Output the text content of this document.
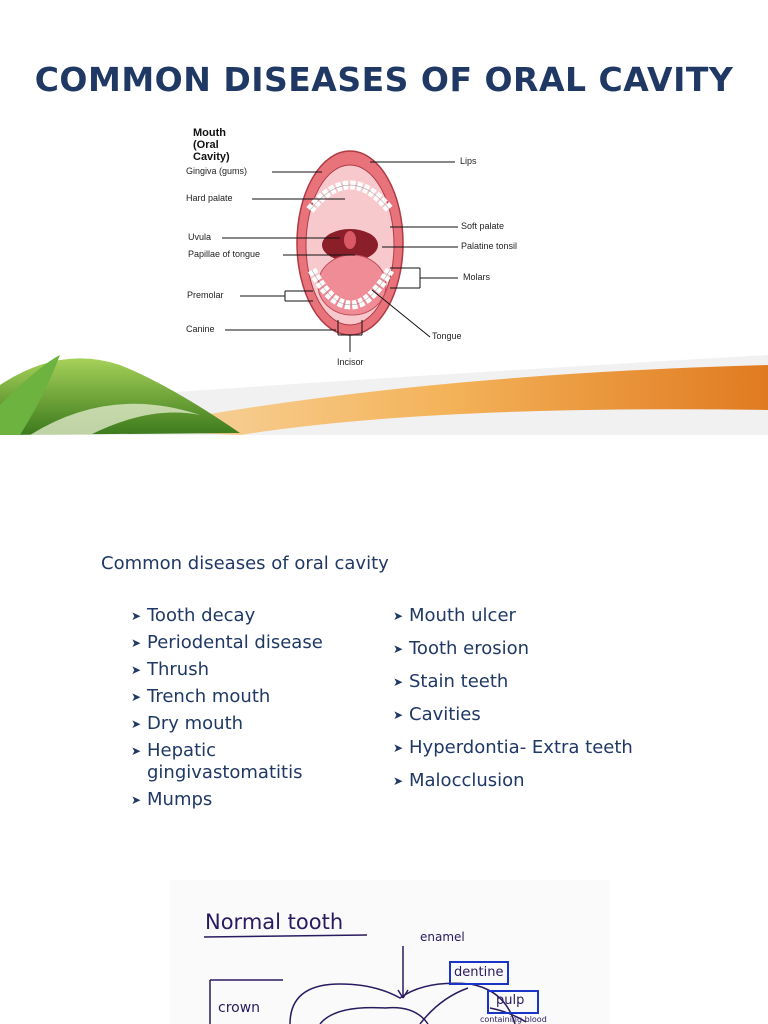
COMMON DISEASES OF ORAL CAVITY
Mouth (Oral Cavity)
Gingiva (gums)
Hard palate
Uvula
Papillae of tongue
Premolar
Canine
Lips
Soft palate
Palatine tonsil
Molars
Tongue
Incisor
Common diseases of oral cavity
➤ Tooth decay
➤ Periodental disease
➤ Thrush
➤ Trench mouth
➤ Dry mouth
➤ Hepatic gingivastomatitis
➤ Mumps
➤ Mouth ulcer
➤ Tooth erosion
➤ Stain teeth
➤ Cavities
➤ Hyperdontia- Extra teeth
➤ Malocclusion
Normal tooth
enamel
dentine
pulp
crown
containing blood
